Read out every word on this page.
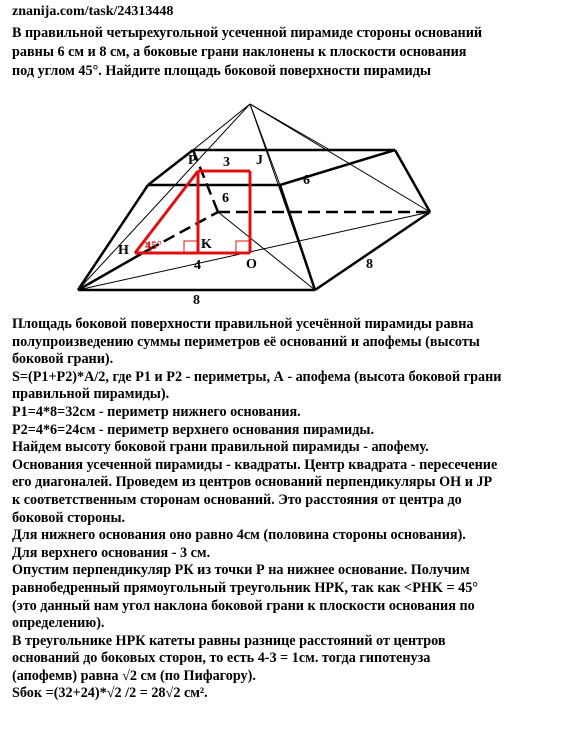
znanija.com/task/24313448
В правильной четырехугольной усеченной пирамиде стороны оснований
равны 6 см и 8 см, а боковые грани наклонены к плоскости основания
под углом 45°. Найдите площадь боковой поверхности пирамиды
P 3 J
6
6
H 45°	K
O
4	8
8
Площадь боковой поверхности правильной усечённой пирамиды равна
полупроизведению суммы периметров её оснований и апофемы (высоты
боковой грани).
S=(P1+P2)*A/2, где P1 и P2 - периметры, А - апофема (высота боковой грани
правильной пирамиды).
P1=4*8=32см - периметр нижнего основания.
P2=4*6=24см - периметр верхнего основания пирамиды.
Найдем высоту боковой грани правильной пирамиды - апофему.
Основания усеченной пирамиды - квадраты. Центр квадрата - пересечение
его диагоналей. Проведем из центров оснований перпендикуляры ОН и JP
к соответственным сторонам оснований. Это расстояния от центра до
боковой стороны.
Для нижнего основания оно равно 4см (половина стороны основания).
Для верхнего основания - 3 см.
Опустим перпендикуляр РК из точки Р на нижнее основание. Получим
равнобедренный прямоугольный треугольник НРК, так как <PHK = 45°
(это данный нам угол наклона боковой грани к плоскости основания по
определению).
В треугольнике НРК катеты равны разнице расстояний от центров
оснований до боковых сторон, то есть 4-3 = 1см. тогда гипотенуза
(апофемв) равна √2 см (по Пифагору).
Sбок =(32+24)*√2 /2 = 28√2 см².
